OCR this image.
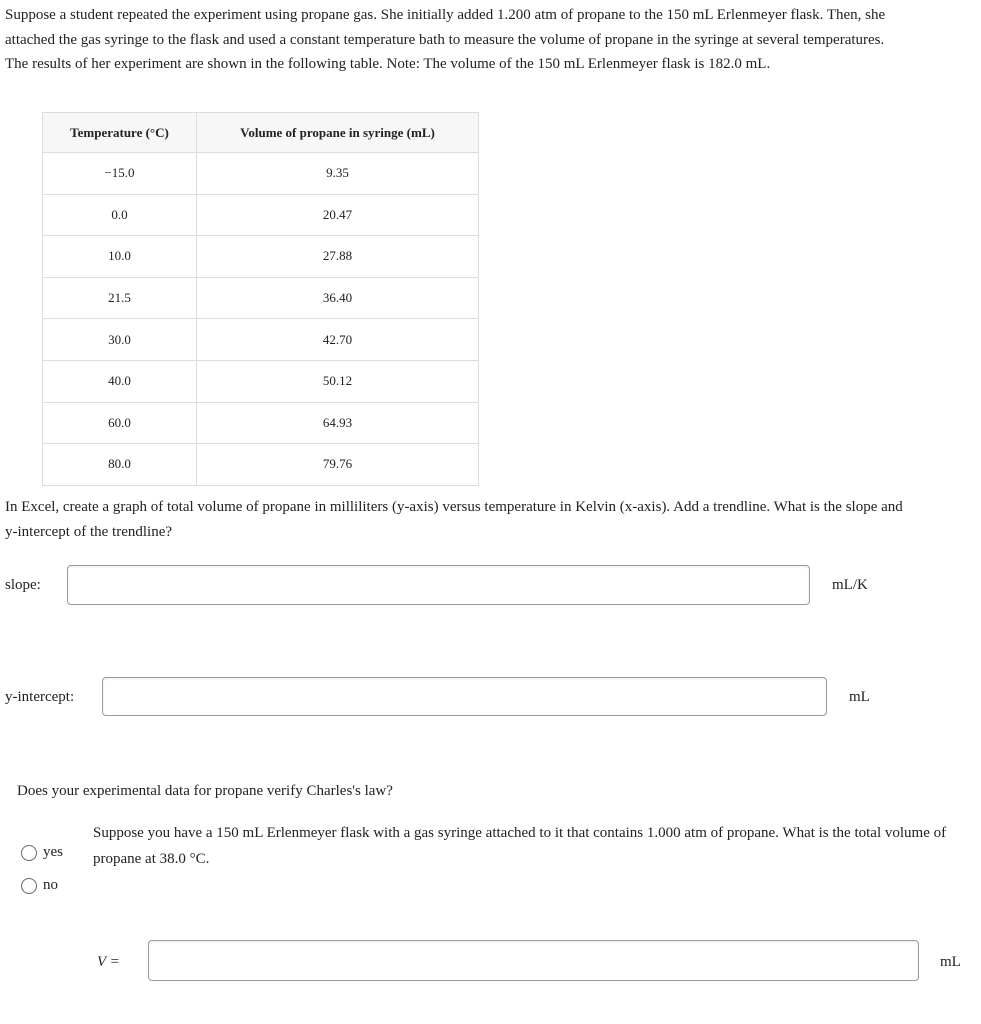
Suppose a student repeated the experiment using propane gas. She initially added 1.200 atm of propane to the 150 mL Erlenmeyer flask. Then, she attached the gas syringe to the flask and used a constant temperature bath to measure the volume of propane in the syringe at several temperatures. The results of her experiment are shown in the following table. Note: The volume of the 150 mL Erlenmeyer flask is 182.0 mL.

Temperature (°C)	Volume of propane in syringe (mL)
−15.0	9.35
0.0	20.47
10.0	27.88
21.5	36.40
30.0	42.70
40.0	50.12
60.0	64.93
80.0	79.76

In Excel, create a graph of total volume of propane in milliliters (y-axis) versus temperature in Kelvin (x-axis). Add a trendline. What is the slope and y-intercept of the trendline?

slope:	mL/K
y-intercept:	mL
Does your experimental data for propane verify Charles's law?
yes
no

Suppose you have a 150 mL Erlenmeyer flask with a gas syringe attached to it that contains 1.000 atm of propane. What is the total volume of propane at 38.0 °C.

V =	mL
